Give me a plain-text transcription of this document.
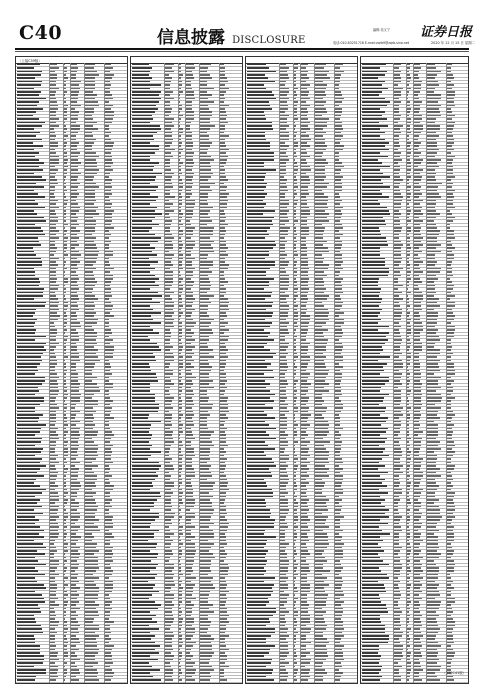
C40	信息披露 DISCLOSURE
编辑:吴又宁 证券日报
电话:010-83251716 E-mail:zqrb9@zqrb.sina.net	2020 年 12 月 15 日 星期二
（上接C39版）
（下转C41版）
